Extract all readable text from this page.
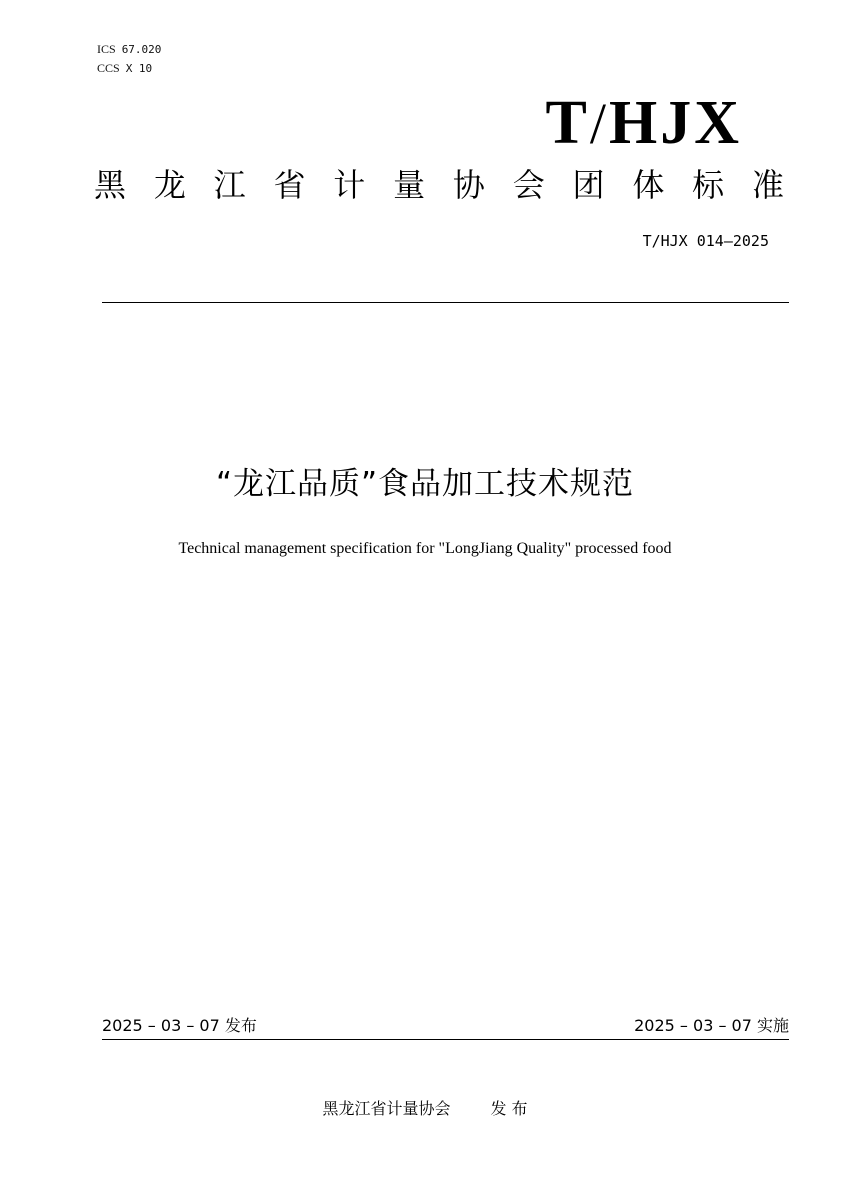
ICS 67.020
CCS X 10
T/HJX
黑 龙 江 省 计 量 协 会 团 体 标 准
T/HJX 014—2025
“龙江品质”食品加工技术规范
Technical management specification for "LongJiang Quality" processed food
2025 – 03 – 07 发布	2025 – 03 – 07 实施
黑龙江省计量协会	发 布
